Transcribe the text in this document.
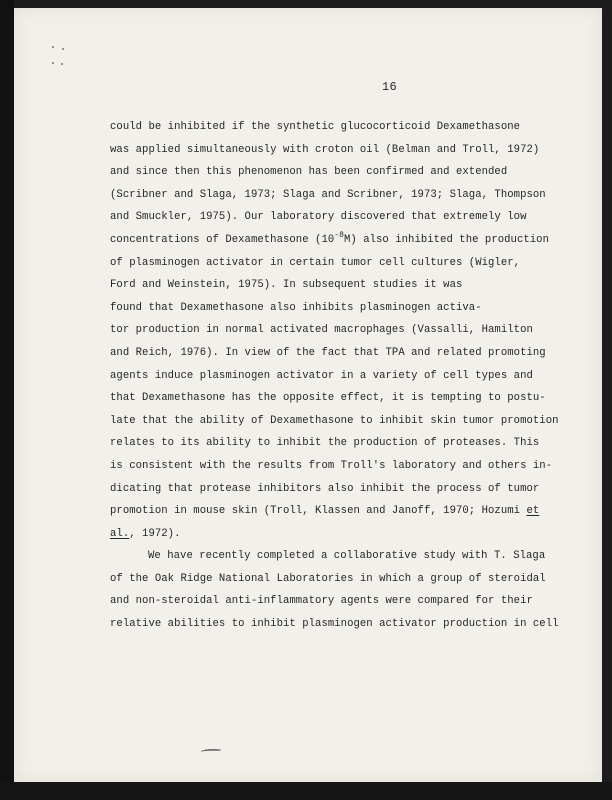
16
could be inhibited if the synthetic glucocorticoid Dexamethasone
was applied simultaneously with croton oil (Belman and Troll, 1972)
and since then this phenomenon has been confirmed and extended
(Scribner and Slaga, 1973; Slaga and Scribner, 1973; Slaga, Thompson
and Smuckler, 1975). Our laboratory discovered that extremely low
concentrations of Dexamethasone $(10^{-8}M)$ also inhibited the production
of plasminogen activator in certain tumor cell cultures (Wigler,
Ford and Weinstein, 1975). In subsequent studies it was
found that Dexamethasone also inhibits plasminogen activa-
tor production in normal activated macrophages (Vassalli, Hamilton
and Reich, 1976). In view of the fact that TPA and related promoting
agents induce plasminogen activator in a variety of cell types and
that Dexamethasone has the opposite effect, it is tempting to postu-
late that the ability of Dexamethasone to inhibit skin tumor promotion
relates to its ability to inhibit the production of proteases. This
is consistent with the results from Troll's laboratory and others in-
dicating that protease inhibitors also inhibit the process of tumor
promotion in mouse skin (Troll, Klassen and Janoff, 1970; Hozumi et
al., 1972).
We have recently completed a collaborative study with T. Slaga
of the Oak Ridge National Laboratories in which a group of steroidal
and non-steroidal anti-inflammatory agents were compared for their
relative abilities to inhibit plasminogen activator production in cell
